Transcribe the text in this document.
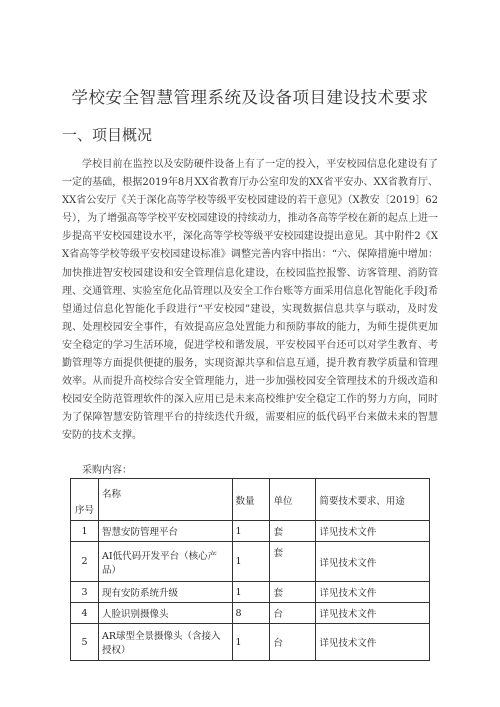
学校安全智慧管理系统及设备项目建设技术要求
一、项目概况
学校目前在监控以及安防硬件设备上有了一定的投入，平安校园信息化建设有了一定的基础，根据2019年8月XX省教育厅办公室印发的XX省平安办、XX省教育厅、XX省公安厅《关于深化高等学校等级平安校园建设的若干意见》（X教安〔2019〕62号），为了增强高等学校平安校园建设的持续动力，推动各高等学校在新的起点上进一步提高平安校园建设水平，深化高等学校等级平安校园建设提出意见。其中附件2《XX省高等学校等级平安校园建设标准》调整完善内容中指出：“六、保障措施中增加：加快推进智安校园建设和安全管理信息化建设，在校园监控报警、访客管理、消防管理、交通管理、实验室危化品管理以及安全工作台账等方面采用信息化智能化手段J希望通过信息化智能化手段进行“平安校园”建设，实现数据信息共享与联动，及时发现、处理校园安全事件，有效提高应急处置能力和预防事故的能力，为师生提供更加安全稳定的学习生活环境，促进学校和谐发展，平安校园平台还可以对学生教育、考勤管理等方面提供便捷的服务，实现资源共享和信息互通，提升教育教学质量和管理效率。从而提升高校综合安全管理能力，进一步加强校园安全管理技术的升级改造和校园安全防范管理软件的深入应用已是未来高校维护安全稳定工作的努力方向，同时为了保障智慧安防管理平台的持续迭代升级，需要相应的低代码平台来做未来的智慧安防的技术支撑。
采购内容：
序号	名称	数量	单位	简要技术要求、用途
1	智慧安防管理平台	1	套	详见技术文件
2	AI低代码开发平台（核心产品）	1	套	详见技术文件
3	现有安防系统升级	1	套	详见技术文件
4	人脸识别摄像头	8	台	详见技术文件
5	AR球型全景摄像头（含接入授权）	1	台	详见技术文件
